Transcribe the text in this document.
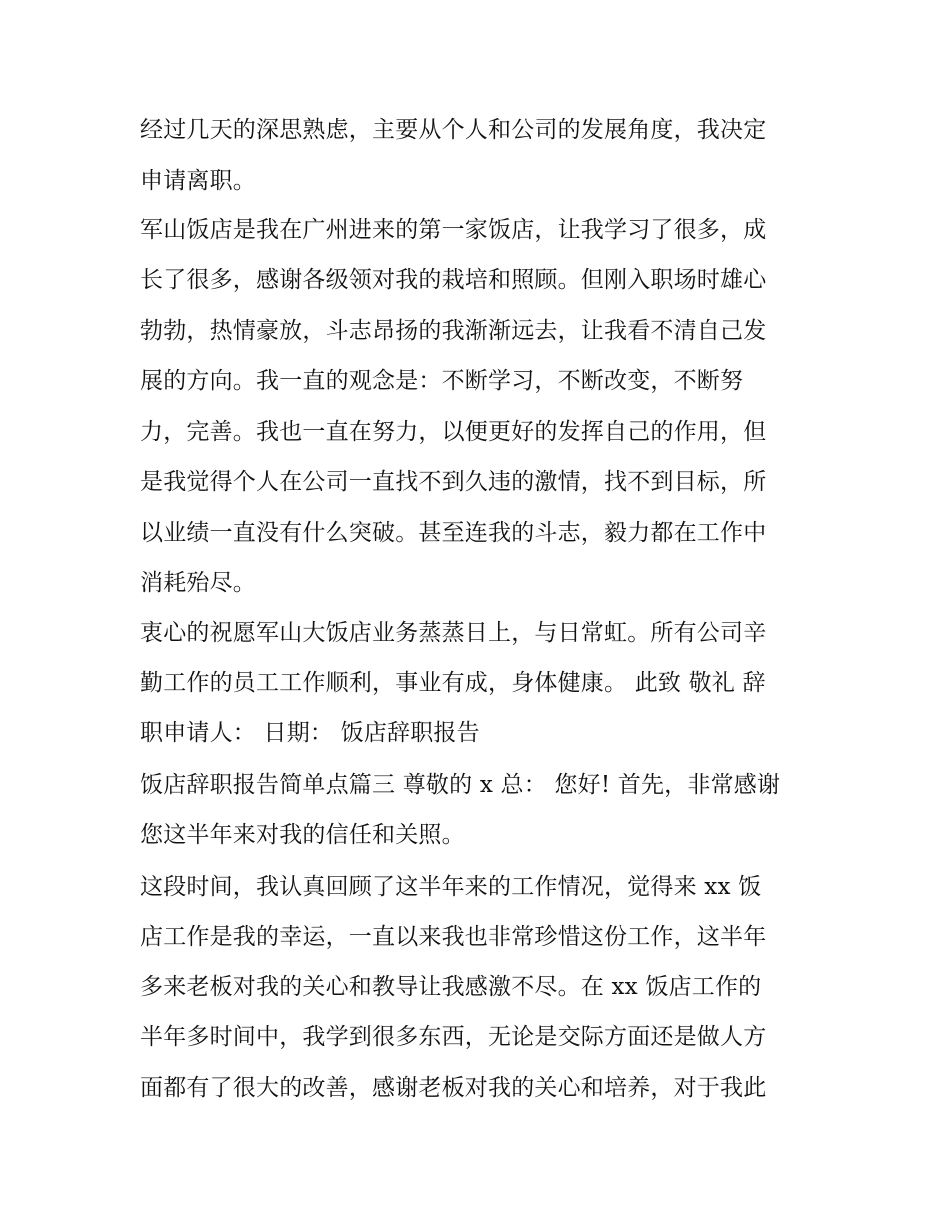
经过几天的深思熟虑，主要从个人和公司的发展角度，我决定
申请离职。
军山饭店是我在广州进来的第一家饭店，让我学习了很多，成
长了很多，感谢各级领对我的栽培和照顾。但刚入职场时雄心
勃勃，热情豪放，斗志昂扬的我渐渐远去，让我看不清自己发
展的方向。我一直的观念是：不断学习，不断改变，不断努
力，完善。我也一直在努力，以便更好的发挥自己的作用，但
是我觉得个人在公司一直找不到久违的激情，找不到目标，所
以业绩一直没有什么突破。甚至连我的斗志，毅力都在工作中
消耗殆尽。
衷心的祝愿军山大饭店业务蒸蒸日上，与日常虹。所有公司辛
勤工作的员工工作顺利，事业有成，身体健康。 此致 敬礼 辞
职申请人： 日期： 饭店辞职报告
饭店辞职报告简单点篇三 尊敬的 x 总： 您好! 首先，非常感谢
您这半年来对我的信任和关照。
这段时间，我认真回顾了这半年来的工作情况，觉得来 xx 饭
店工作是我的幸运，一直以来我也非常珍惜这份工作，这半年
多来老板对我的关心和教导让我感激不尽。在 xx 饭店工作的
半年多时间中，我学到很多东西，无论是交际方面还是做人方
面都有了很大的改善，感谢老板对我的关心和培养，对于我此
